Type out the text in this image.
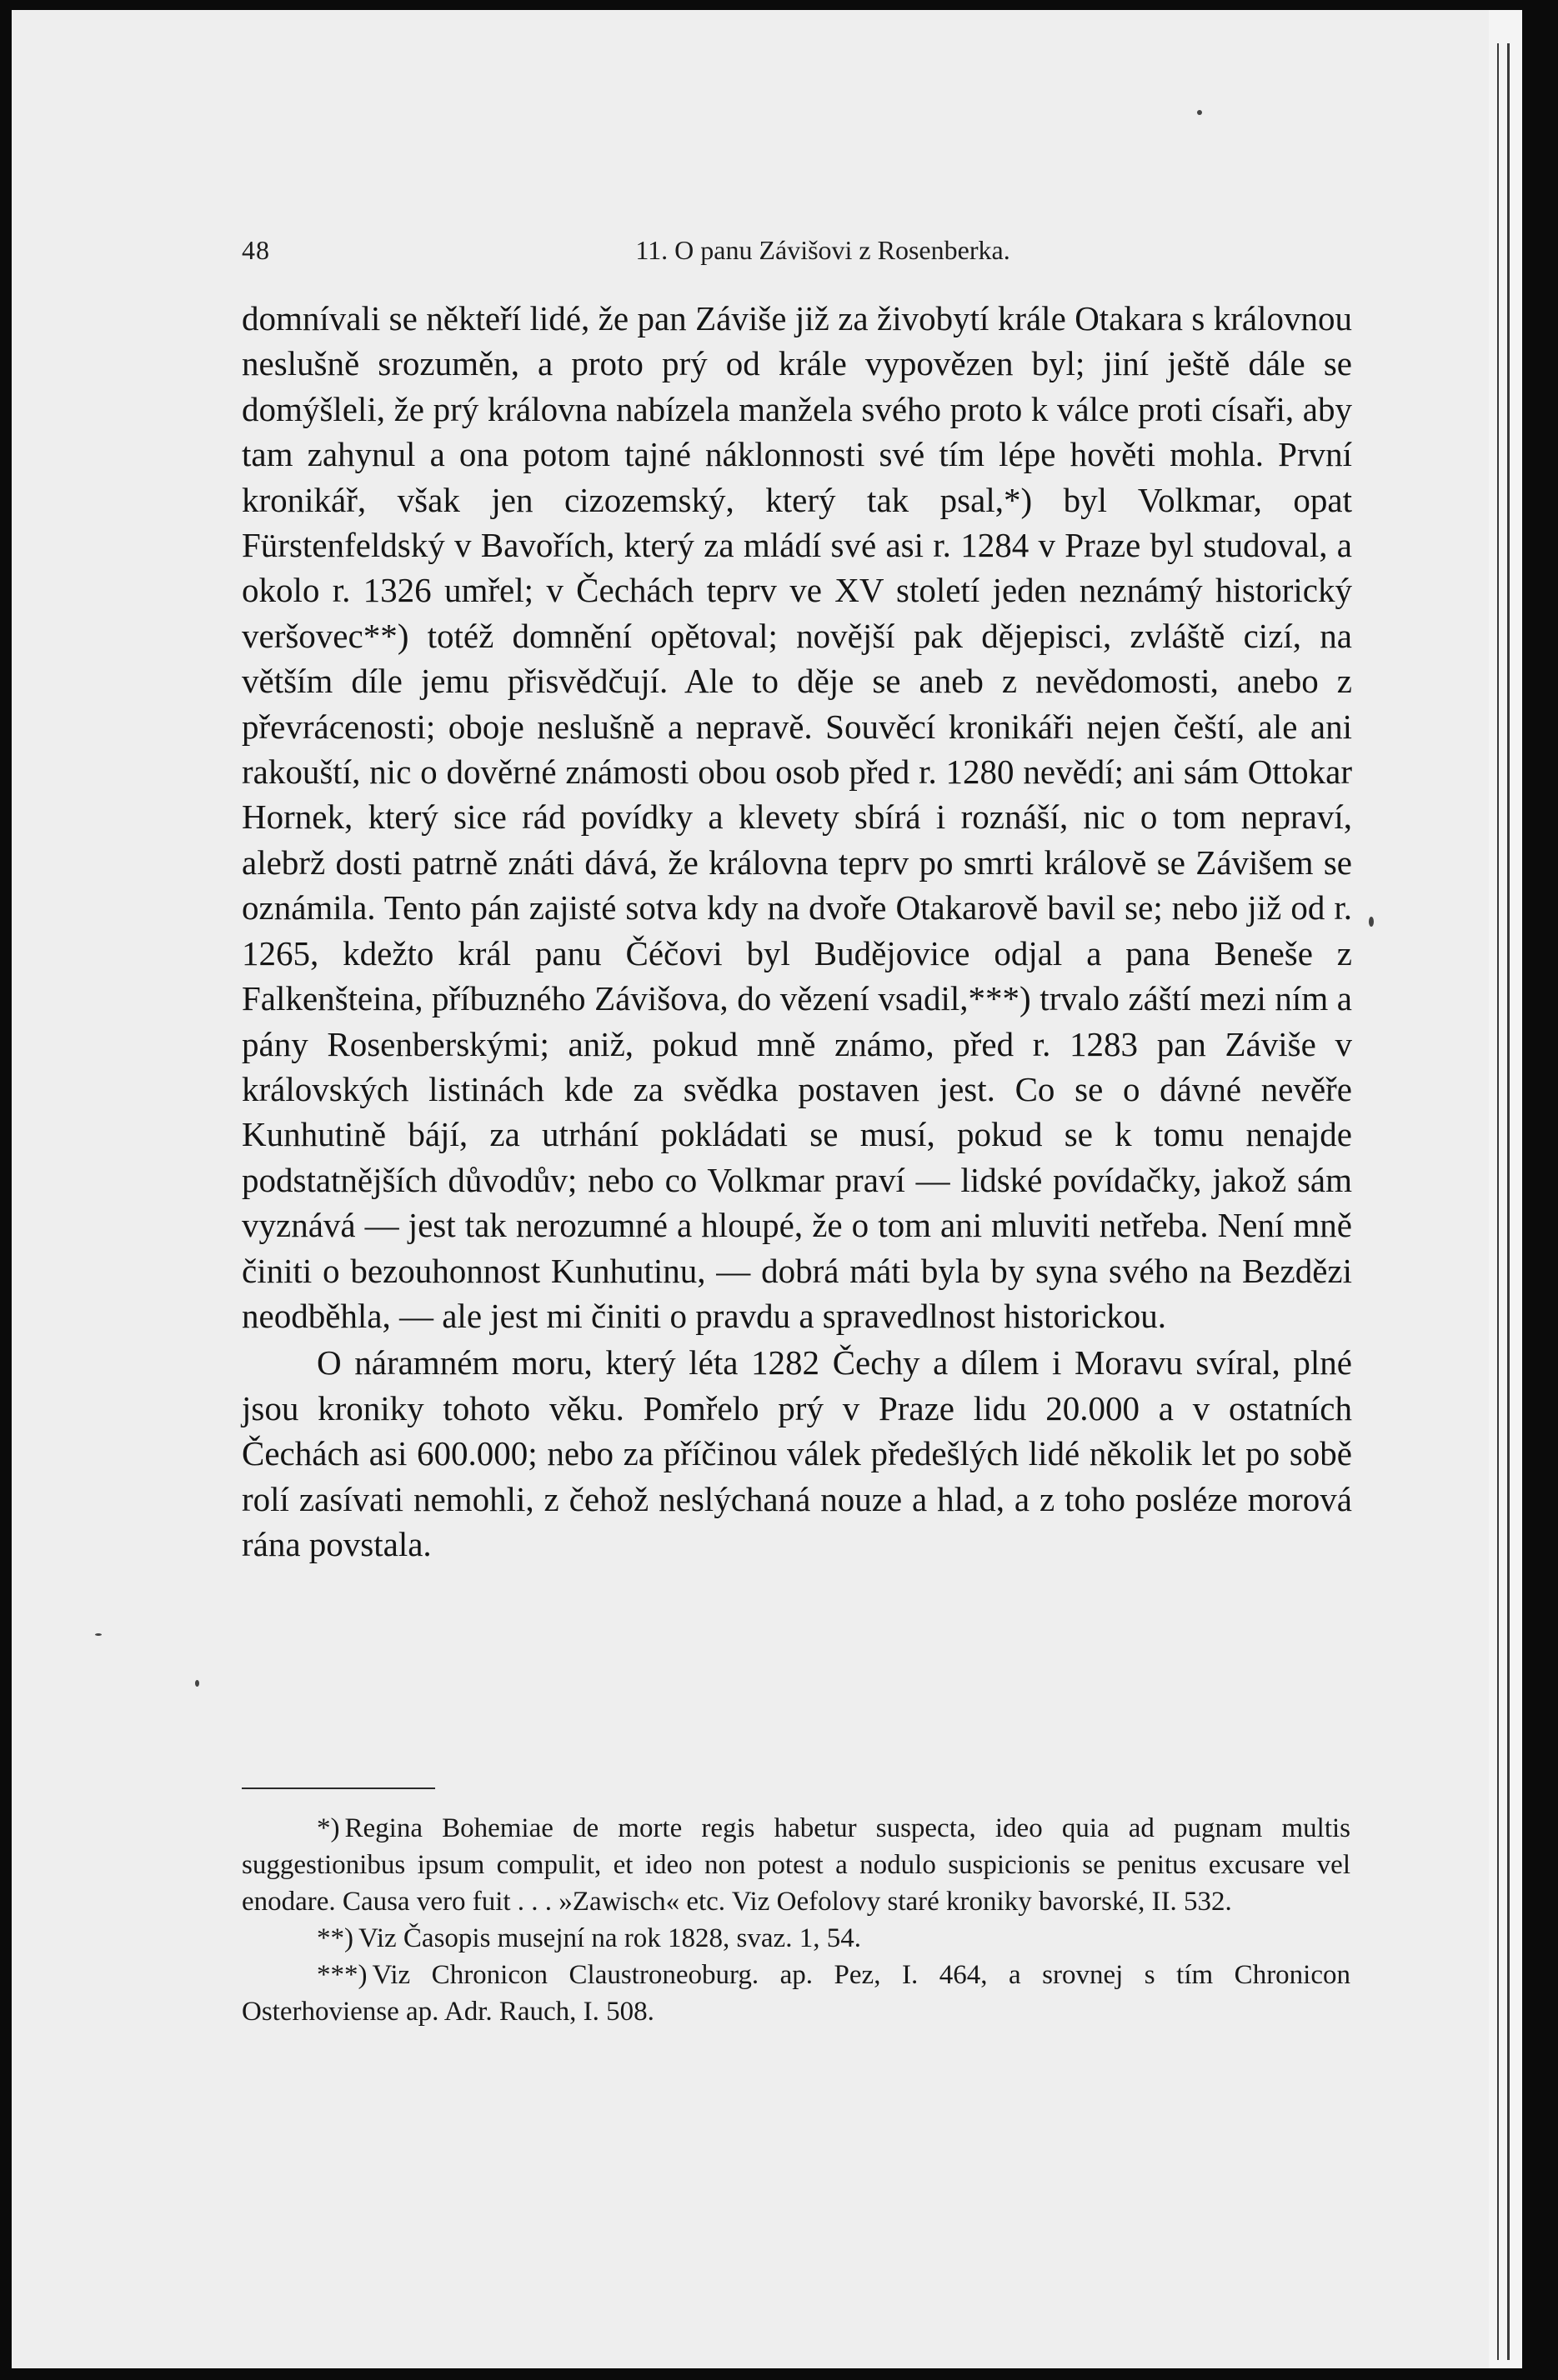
48	11. O panu Závišovi z Rosenberka.

domnívali se někteří lidé, že pan Záviše již za živobytí krále Otakara s královnou neslušně srozuměn, a proto prý od krále vypovězen byl; jiní ještě dále se domýšleli, že prý královna nabízela manžela svého proto k válce proti císaři, aby tam zahynul a ona potom tajné náklonnosti své tím lépe hověti mohla. První kronikář, však jen cizozemský, který tak psal,*) byl Volkmar, opat Fürstenfeldský v Bavořích, který za mládí své asi r. 1284 v Praze byl studoval, a okolo r. 1326 umřel; v Čechách teprv ve XV století jeden neznámý historický veršovec**) totéž domnění opětoval; novější pak dějepisci, zvláště cizí, na větším díle jemu přisvědčují. Ale to děje se aneb z nevědomosti, anebo z převrácenosti; oboje neslušně a nepravě. Souvěcí kronikáři nejen čeští, ale ani rakouští, nic o dověrné známosti obou osob před r. 1280 nevědí; ani sám Ottokar Hornek, který sice rád povídky a klevety sbírá i roznáší, nic o tom nepraví, alebrž dosti patrně znáti dává, že královna teprv po smrti královĕ se Závišem se oznámila. Tento pán zajisté sotva kdy na dvoře Otakarově bavil se; nebo již od r. 1265, kdežto král panu Čéčovi byl Budějovice odjal a pana Beneše z Falkenšteina, příbuzného Závišova, do vězení vsadil,***) trvalo záští mezi ním a pány Rosenberskými; aniž, pokud mně známo, před r. 1283 pan Záviše v královských listinách kde za svědka postaven jest. Co se o dávné nevěře Kunhutině bájí, za utrhání pokládati se musí, pokud se k tomu nenajde podstatnějších důvodův; nebo co Volkmar praví — lidské povídačky, jakož sám vyznává — jest tak nerozumné a hloupé, že o tom ani mluviti netřeba. Není mně činiti o bezouhonnost Kunhutinu, — dobrá máti byla by syna svého na Bezdězi neodběhla, — ale jest mi činiti o pravdu a spravedlnost historickou.

O náramném moru, který léta 1282 Čechy a dílem i Moravu svíral, plné jsou kroniky tohoto věku. Pomřelo prý v Praze lidu 20.000 a v ostatních Čechách asi 600.000; nebo za příčinou válek předešlých lidé několik let po sobě rolí zasívati nemohli, z čehož neslýchaná nouze a hlad, a z toho posléze morová rána povstala.

*) Regina Bohemiae de morte regis habetur suspecta, ideo quia ad pugnam multis suggestionibus ipsum compulit, et ideo non potest a nodulo suspicionis se penitus excusare vel enodare. Causa vero fuit . . . »Zawisch« etc. Viz Oefolovy staré kroniky bavorské, II. 532.

**) Viz Časopis musejní na rok 1828, svaz. 1, 54.

***) Viz Chronicon Claustroneoburg. ap. Pez, I. 464, a srovnej s tím Chronicon Osterhoviense ap. Adr. Rauch, I. 508.
